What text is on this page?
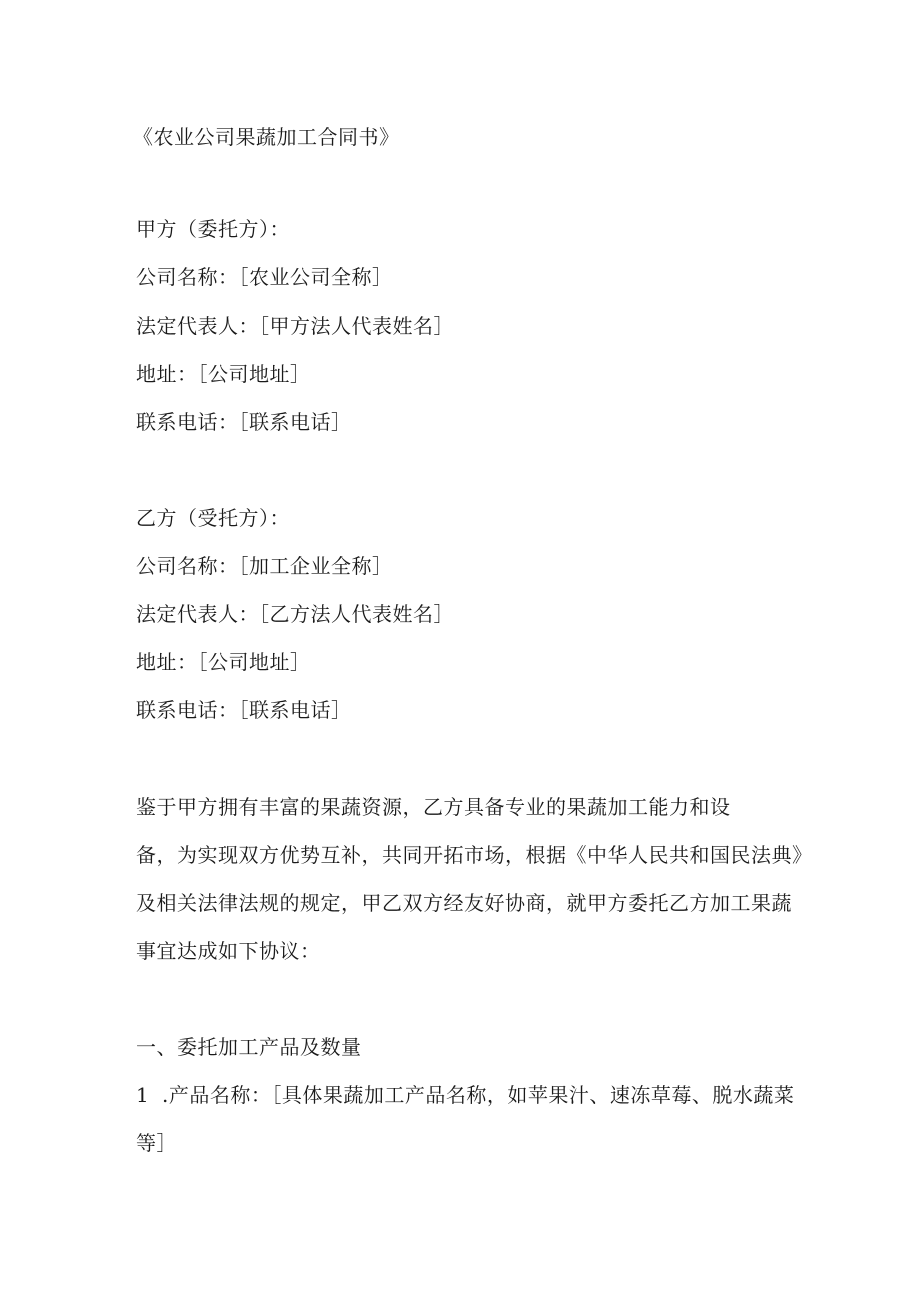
《农业公司果蔬加工合同书》
甲方（委托方）：
公司名称：［农业公司全称］
法定代表人：［甲方法人代表姓名］
地址：［公司地址］
联系电话：［联系电话］
乙方（受托方）：
公司名称：［加工企业全称］
法定代表人：［乙方法人代表姓名］
地址：［公司地址］
联系电话：［联系电话］
鉴于甲方拥有丰富的果蔬资源，乙方具备专业的果蔬加工能力和设
备，为实现双方优势互补，共同开拓市场，根据《中华人民共和国民法典》
及相关法律法规的规定，甲乙双方经友好协商，就甲方委托乙方加工果蔬
事宜达成如下协议：
一、委托加工产品及数量
1 .产品名称：［具体果蔬加工产品名称，如苹果汁、速冻草莓、脱水蔬菜
等］
